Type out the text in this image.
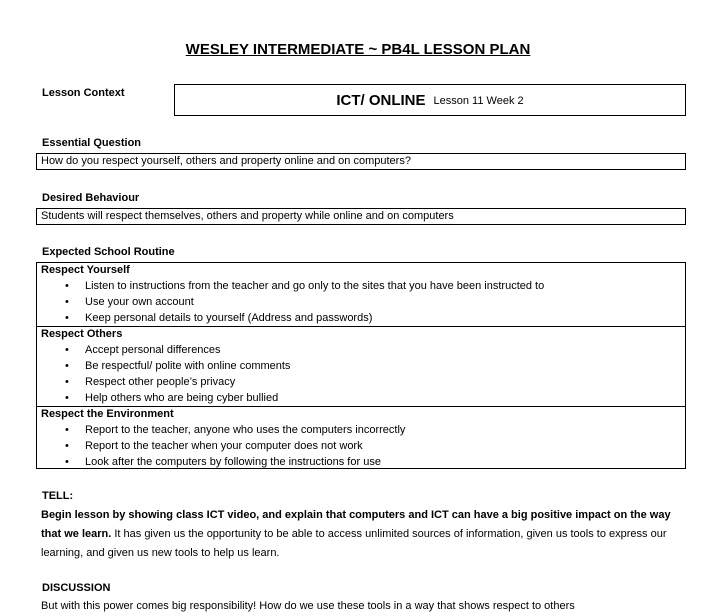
WESLEY INTERMEDIATE ~ PB4L LESSON PLAN
Lesson Context	ICT/ ONLINE Lesson 11 Week 2
Essential Question
How do you respect yourself, others and property online and on computers?
Desired Behaviour
Students will respect themselves, others and property while online and on computers
Expected School Routine
Respect Yourself
• Listen to instructions from the teacher and go only to the sites that you have been instructed to
• Use your own account
• Keep personal details to yourself (Address and passwords)
Respect Others
• Accept personal differences
• Be respectful/ polite with online comments
• Respect other people’s privacy
• Help others who are being cyber bullied
Respect the Environment
• Report to the teacher, anyone who uses the computers incorrectly
• Report to the teacher when your computer does not work
• Look after the computers by following the instructions for use
TELL:
Begin lesson by showing class ICT video, and explain that computers and ICT can have a big positive impact on the way that we learn. It has given us the opportunity to be able to access unlimited sources of information, given us tools to express our learning, and given us new tools to help us learn.
DISCUSSION
But with this power comes big responsibility! How do we use these tools in a way that shows respect to others
